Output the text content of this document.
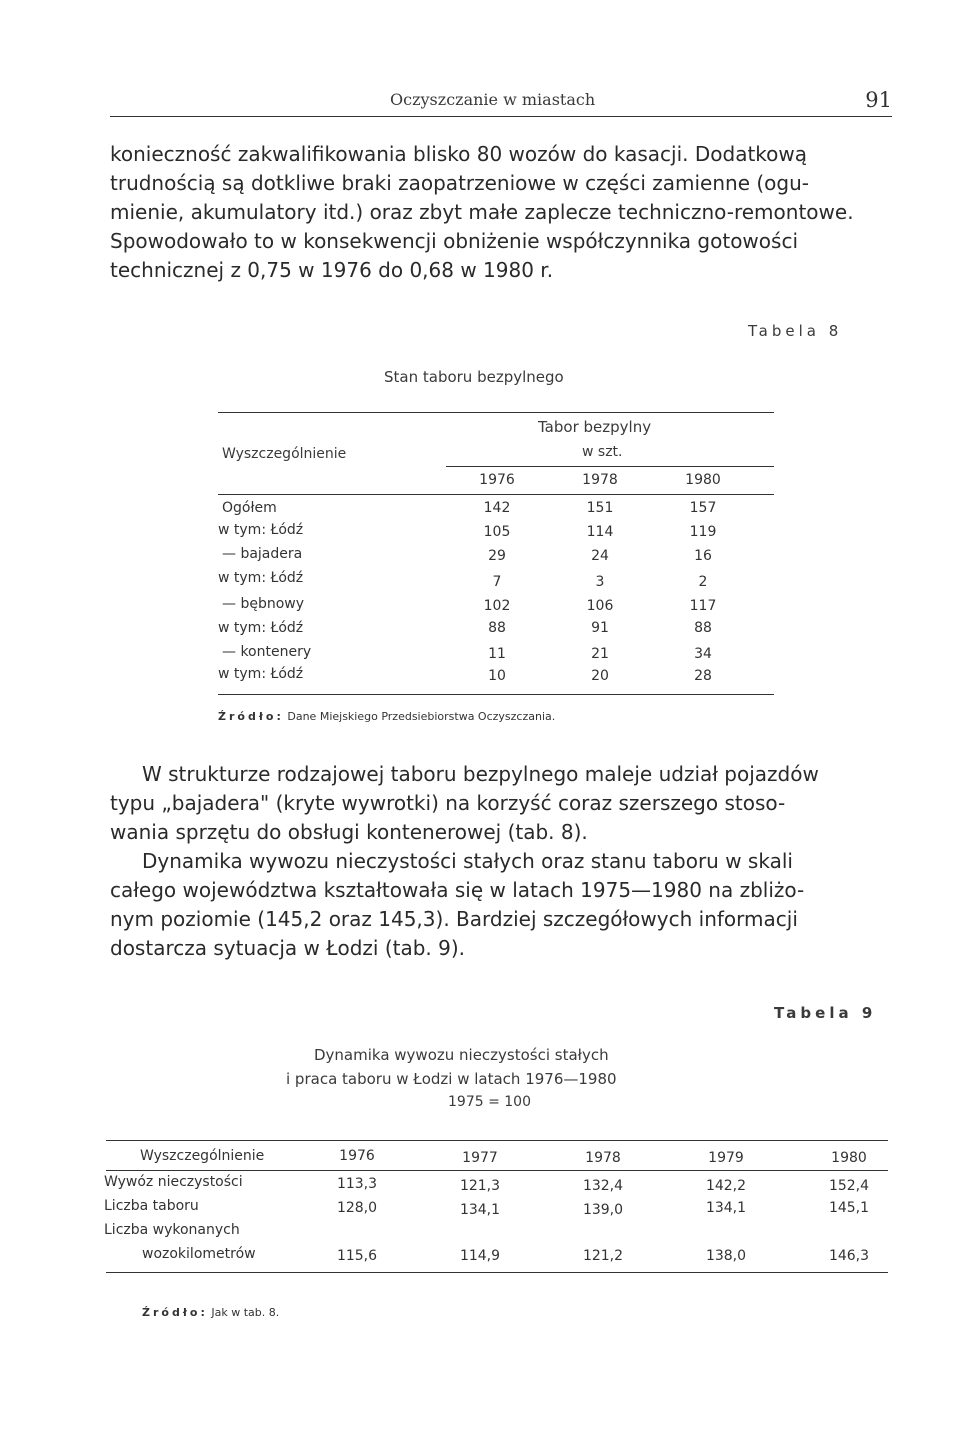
Oczyszczanie w miastach	91
konieczność zakwalifikowania blisko 80 wozów do kasacji. Dodatkową
trudnością są dotkliwe braki zaopatrzeniowe w części zamienne (ogu-
mienie, akumulatory itd.) oraz zbyt małe zaplecze techniczno-remontowe.
Spowodowało to w konsekwencji obniżenie współczynnika gotowości
technicznej z 0,75 w 1976 do 0,68 w 1980 r.
Tabela 8
Stan taboru bezpylnego
Tabor bezpylny
w szt.
Wyszczególnienie
1976	1978	1980
Ogółem	142	151	157
w tym: Łódź	105	114	119
— bajadera	29	24	16
w tym: Łódź	7	3	2
— bębnowy	102	106	117
w tym: Łódź	88	91	88
— kontenery	11	21	34
w tym: Łódź	10	20	28
Źródło: Dane Miejskiego Przedsiebiorstwa Oczyszczania.
W strukturze rodzajowej taboru bezpylnego maleje udział pojazdów
typu „bajadera" (kryte wywrotki) na korzyść coraz szerszego stoso-
wania sprzętu do obsługi kontenerowej (tab. 8).
Dynamika wywozu nieczystości stałych oraz stanu taboru w skali
całego województwa kształtowała się w latach 1975—1980 na zbliżo-
nym poziomie (145,2 oraz 145,3). Bardziej szczegółowych informacji
dostarcza sytuacja w Łodzi (tab. 9).
Tabela 9
Dynamika wywozu nieczystości stałych
i praca taboru w Łodzi w latach 1976—1980
1975 = 100
Wyszczególnienie	1976	1977	1978	1979	1980
Wywóz nieczystości	113,3	121,3	132,4	142,2	152,4
Liczba taboru	128,0	134,1	139,0	134,1	145,1
Liczba wykonanych
wozokilometrów	115,6	114,9	121,2	138,0	146,3
Źródło: Jak w tab. 8.
